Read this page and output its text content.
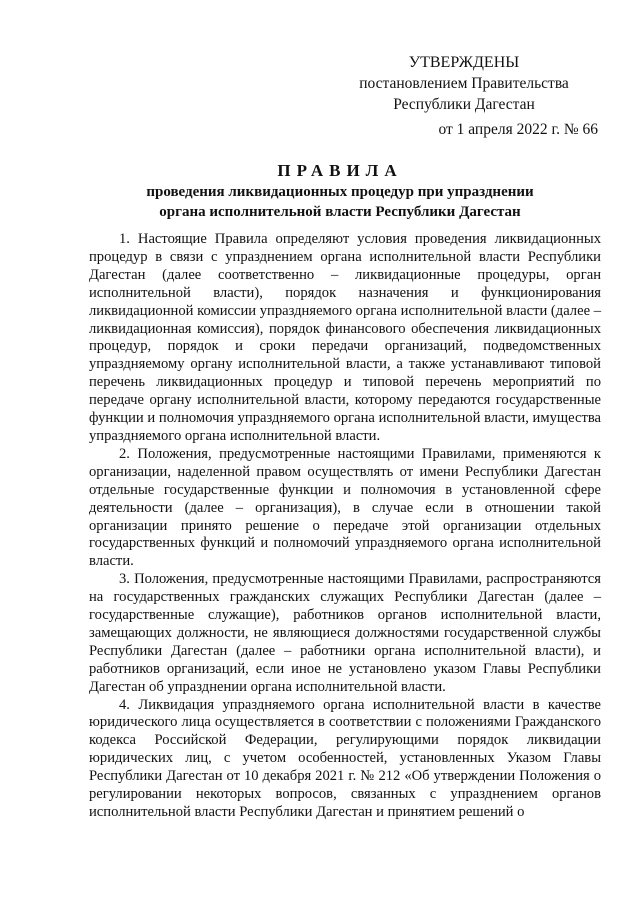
УТВЕРЖДЕНЫ
постановлением Правительства
Республики Дагестан
от 1 апреля 2022 г. № 66
ПРАВИЛА
проведения ликвидационных процедур при упразднении
органа исполнительной власти Республики Дагестан

1. Настоящие Правила определяют условия проведения ликвидационных процедур в связи с упразднением органа исполнительной власти Республики Дагестан (далее соответственно – ликвидационные процедуры, орган исполнительной власти), порядок назначения и функционирования ликвидационной комиссии упраздняемого органа исполнительной власти (далее – ликвидационная комиссия), порядок финансового обеспечения ликвидационных процедур, порядок и сроки передачи организаций, подведомственных упраздняемому органу исполнительной власти, а также устанавливают типовой перечень ликвидационных процедур и типовой перечень мероприятий по передаче органу исполнительной власти, которому передаются государственные функции и полномочия упраздняемого органа исполнительной власти, имущества упраздняемого органа исполнительной власти.

2. Положения, предусмотренные настоящими Правилами, применяются к организации, наделенной правом осуществлять от имени Республики Дагестан отдельные государственные функции и полномочия в установленной сфере деятельности (далее – организация), в случае если в отношении такой организации принято решение о передаче этой организации отдельных государственных функций и полномочий упраздняемого органа исполнительной власти.

3. Положения, предусмотренные настоящими Правилами, распространяются на государственных гражданских служащих Республики Дагестан (далее – государственные служащие), работников органов исполнительной власти, замещающих должности, не являющиеся должностями государственной службы Республики Дагестан (далее – работники органа исполнительной власти), и работников организаций, если иное не установлено указом Главы Республики Дагестан об упразднении органа исполнительной власти.

4. Ликвидация упраздняемого органа исполнительной власти в качестве юридического лица осуществляется в соответствии с положениями Гражданского кодекса Российской Федерации, регулирующими порядок ликвидации юридических лиц, с учетом особенностей, установленных Указом Главы Республики Дагестан от 10 декабря 2021 г. № 212 «Об утверждении Положения о регулировании некоторых вопросов, связанных с упразднением органов исполнительной власти Республики Дагестан и принятием решений о
